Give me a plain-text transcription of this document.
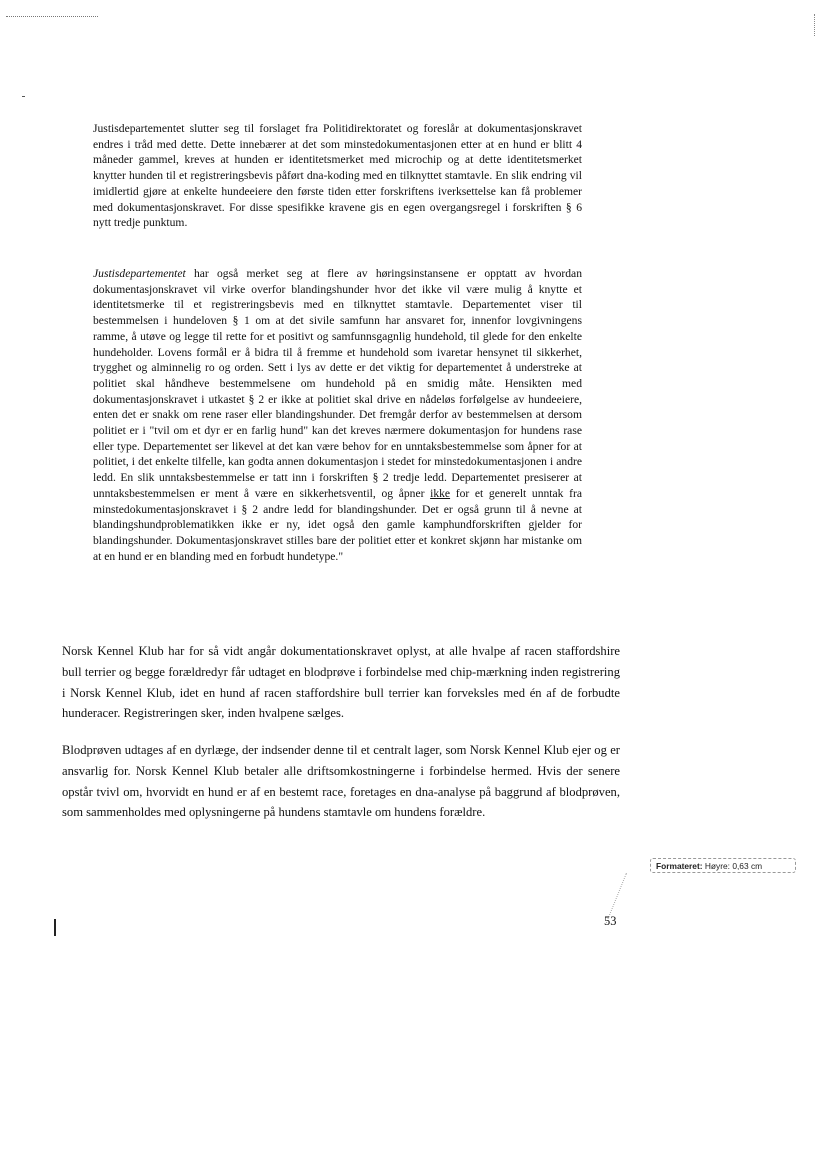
Justisdepartementet slutter seg til forslaget fra Politidirektoratet og foreslår at dokumentasjonskravet endres i tråd med dette. Dette innebærer at det som minstedokumentasjonen etter at en hund er blitt 4 måneder gammel, kreves at hunden er identitetsmerket med microchip og at dette identitetsmerket knytter hunden til et registreringsbevis påført dna-koding med en tilknyttet stamtavle. En slik endring vil imidlertid gjøre at enkelte hundeeiere den første tiden etter forskriftens iverksettelse kan få problemer med dokumentasjonskravet. For disse spesifikke kravene gis en egen overgangsregel i forskriften § 6 nytt tredje punktum.
Justisdepartementet har også merket seg at flere av høringsinstansene er opptatt av hvordan dokumentasjonskravet vil virke overfor blandingshunder hvor det ikke vil være mulig å knytte et identitetsmerke til et registreringsbevis med en tilknyttet stamtavle. Departementet viser til bestemmelsen i hundeloven § 1 om at det sivile samfunn har ansvaret for, innenfor lovgivningens ramme, å utøve og legge til rette for et positivt og samfunnsgagnlig hundehold, til glede for den enkelte hundeholder. Lovens formål er å bidra til å fremme et hundehold som ivaretar hensynet til sikkerhet, trygghet og alminnelig ro og orden. Sett i lys av dette er det viktig for departementet å understreke at politiet skal håndheve bestemmelsene om hundehold på en smidig måte. Hensikten med dokumentasjonskravet i utkastet § 2 er ikke at politiet skal drive en nådeløs forfølgelse av hundeeiere, enten det er snakk om rene raser eller blandingshunder. Det fremgår derfor av bestemmelsen at dersom politiet er i "tvil om et dyr er en farlig hund" kan det kreves nærmere dokumentasjon for hundens rase eller type. Departementet ser likevel at det kan være behov for en unntaksbestemmelse som åpner for at politiet, i det enkelte tilfelle, kan godta annen dokumentasjon i stedet for minstedokumentasjonen i andre ledd. En slik unntaksbestemmelse er tatt inn i forskriften § 2 tredje ledd. Departementet presiserer at unntaksbestemmelsen er ment å være en sikkerhetsventil, og åpner ikke for et generelt unntak fra minstedokumentasjonskravet i § 2 andre ledd for blandingshunder. Det er også grunn til å nevne at blandingshundproblematikken ikke er ny, idet også den gamle kamphundforskriften gjelder for blandingshunder. Dokumentasjonskravet stilles bare der politiet etter et konkret skjønn har mistanke om at en hund er en blanding med en forbudt hundetype."
Norsk Kennel Klub har for så vidt angår dokumentationskravet oplyst, at alle hvalpe af racen staffordshire bull terrier og begge forældredyr får udtaget en blodprøve i forbindelse med chip-mærkning inden registrering i Norsk Kennel Klub, idet en hund af racen staffordshire bull terrier kan forveksles med én af de forbudte hunderacer. Registreringen sker, inden hvalpene sælges.
Blodprøven udtages af en dyrlæge, der indsender denne til et centralt lager, som Norsk Kennel Klub ejer og er ansvarlig for. Norsk Kennel Klub betaler alle driftsomkostningerne i forbindelse hermed. Hvis der senere opstår tvivl om, hvorvidt en hund er af en bestemt race, foretages en dna-analyse på baggrund af blodprøven, som sammenholdes med oplysningerne på hundens stamtavle om hundens forældre.
Formateret: Høyre: 0,63 cm
53
